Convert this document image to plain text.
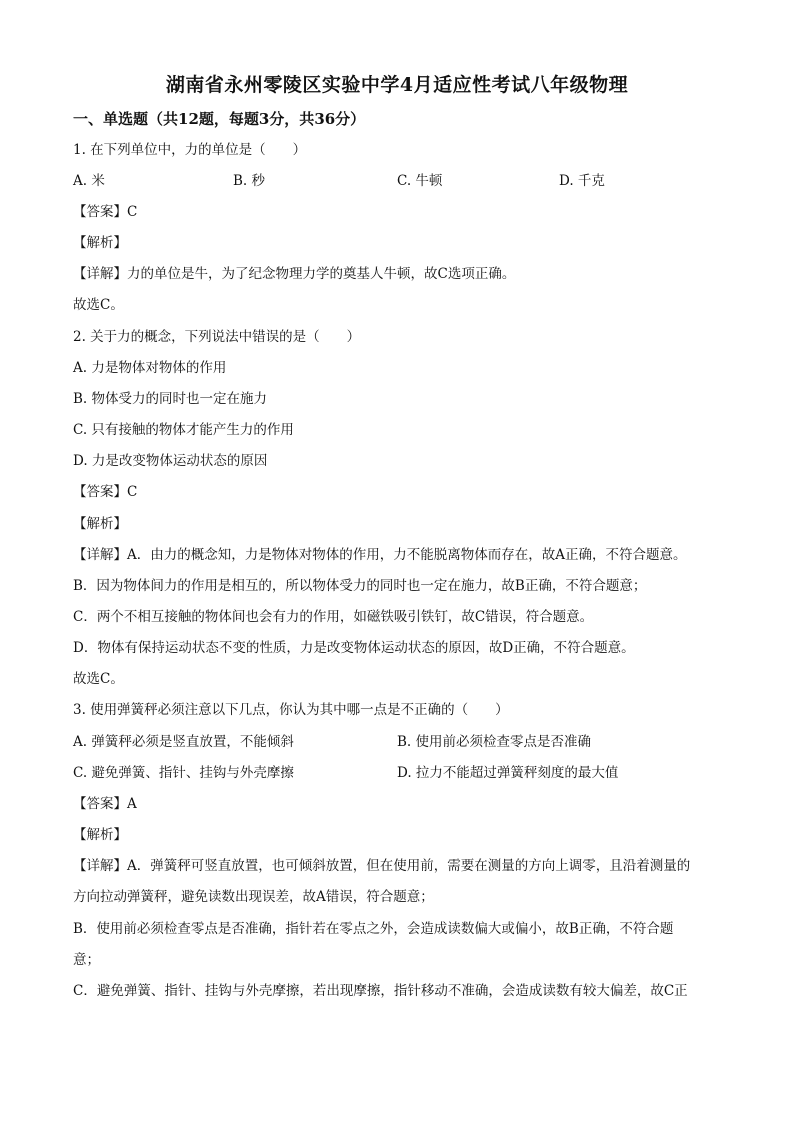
湖南省永州零陵区实验中学4月适应性考试八年级物理
一、单选题（共12题，每题3分，共36分）
1. 在下列单位中，力的单位是（　　）
A. 米	B. 秒	C. 牛顿	D. 千克
【答案】C
【解析】
【详解】力的单位是牛，为了纪念物理力学的奠基人牛顿，故C选项正确。
故选C。
2. 关于力的概念，下列说法中错误的是（　　）
A. 力是物体对物体的作用
B. 物体受力的同时也一定在施力
C. 只有接触的物体才能产生力的作用
D. 力是改变物体运动状态的原因
【答案】C
【解析】
【详解】A．由力的概念知，力是物体对物体的作用，力不能脱离物体而存在，故A正确，不符合题意。
B．因为物体间力的作用是相互的，所以物体受力的同时也一定在施力，故B正确，不符合题意；
C．两个不相互接触的物体间也会有力的作用，如磁铁吸引铁钉，故C错误，符合题意。
D．物体有保持运动状态不变的性质，力是改变物体运动状态的原因，故D正确，不符合题意。
故选C。
3. 使用弹簧秤必须注意以下几点，你认为其中哪一点是不正确的（　　）
A. 弹簧秤必须是竖直放置，不能倾斜	B. 使用前必须检查零点是否准确
C. 避免弹簧、指针、挂钩与外壳摩擦	D. 拉力不能超过弹簧秤刻度的最大值
【答案】A
【解析】
【详解】A．弹簧秤可竖直放置，也可倾斜放置，但在使用前，需要在测量的方向上调零，且沿着测量的
方向拉动弹簧秤，避免读数出现误差，故A错误，符合题意；
B．使用前必须检查零点是否准确，指针若在零点之外，会造成读数偏大或偏小，故B正确，不符合题
意；
C．避免弹簧、指针、挂钩与外壳摩擦，若出现摩擦，指针移动不准确，会造成读数有较大偏差，故C正
